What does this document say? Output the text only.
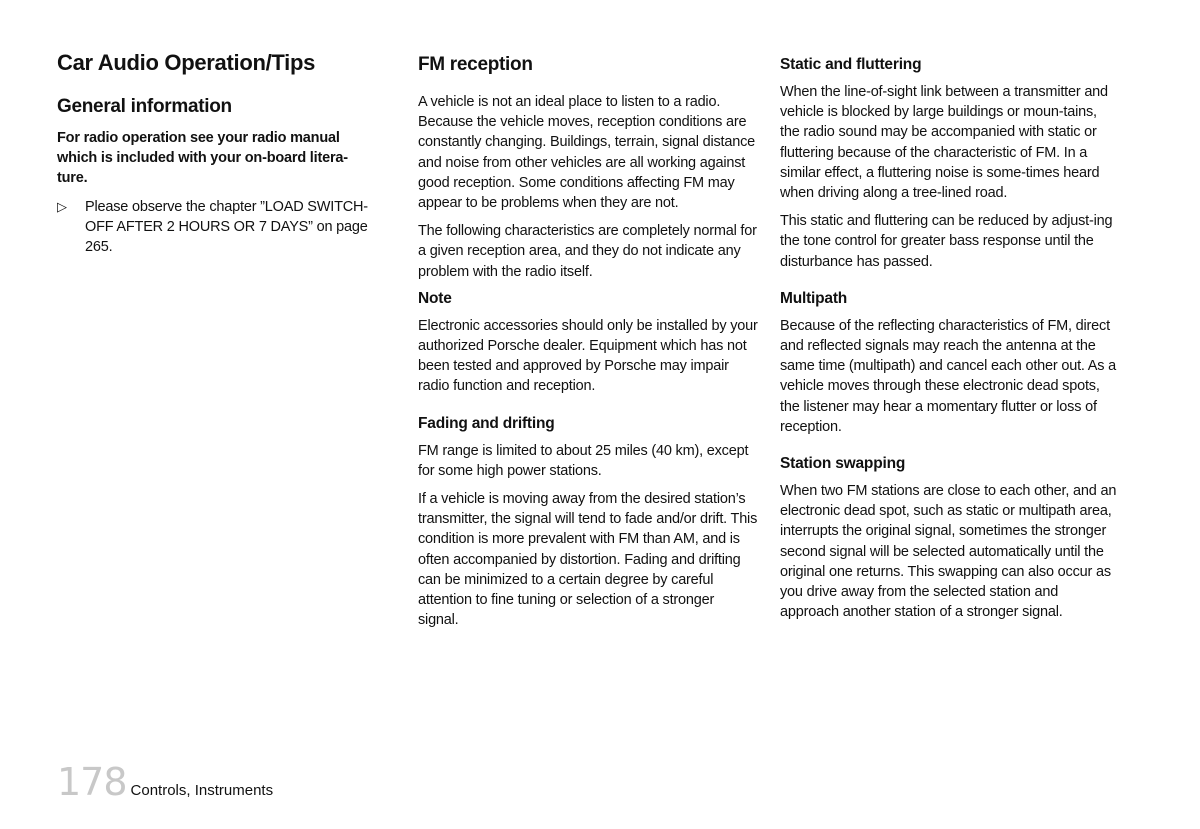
Car Audio Operation/Tips
General information

For radio operation see your radio manual which is included with your on-board litera-ture.

▷	Please observe the chapter ”LOAD SWITCH-OFF AFTER 2 HOURS OR 7 DAYS” on page 265.

FM reception

A vehicle is not an ideal place to listen to a radio. Because the vehicle moves, reception conditions are constantly changing. Buildings, terrain, signal distance and noise from other vehicles are all working against good reception. Some conditions affecting FM may appear to be problems when they are not.

The following characteristics are completely normal for a given reception area, and they do not indicate any problem with the radio itself.

Note

Electronic accessories should only be installed by your authorized Porsche dealer. Equipment which has not been tested and approved by Porsche may impair radio function and reception.

Fading and drifting

FM range is limited to about 25 miles (40 km), except for some high power stations.

If a vehicle is moving away from the desired station’s transmitter, the signal will tend to fade and/or drift. This condition is more prevalent with FM than AM, and is often accompanied by distortion. Fading and drifting can be minimized to a certain degree by careful attention to fine tuning or selection of a stronger signal.

Static and fluttering

When the line-of-sight link between a transmitter and vehicle is blocked by large buildings or moun-tains, the radio sound may be accompanied with static or fluttering because of the characteristic of FM. In a similar effect, a fluttering noise is some-times heard when driving along a tree-lined road.

This static and fluttering can be reduced by adjust-ing the tone control for greater bass response until the disturbance has passed.

Multipath

Because of the reflecting characteristics of FM, direct and reflected signals may reach the antenna at the same time (multipath) and cancel each other out. As a vehicle moves through these electronic dead spots, the listener may hear a momentary flutter or loss of reception.

Station swapping

When two FM stations are close to each other, and an electronic dead spot, such as static or multipath area, interrupts the original signal, sometimes the stronger second signal will be selected automatically until the original one returns. This swapping can also occur as you drive away from the selected station and approach another station of a stronger signal.

178 Controls, Instruments
